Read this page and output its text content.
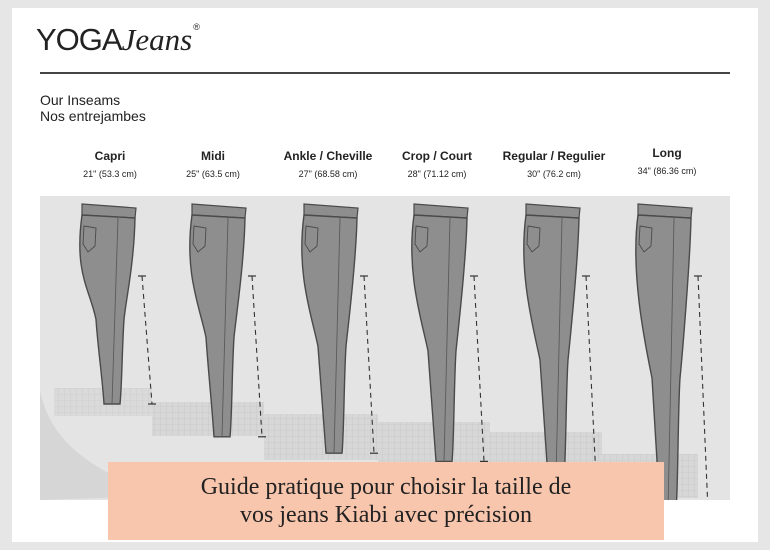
YOGAJeans®
Our Inseams
Nos entrejambes
Capri
21" (53.3 cm)
Midi
25" (63.5 cm)
Ankle / Cheville
27" (68.58 cm)
Crop / Court
28" (71.12 cm)
Regular / Regulier
30" (76.2 cm)
Long
34" (86.36 cm)
Guide pratique pour choisir la taille de
vos jeans Kiabi avec précision
